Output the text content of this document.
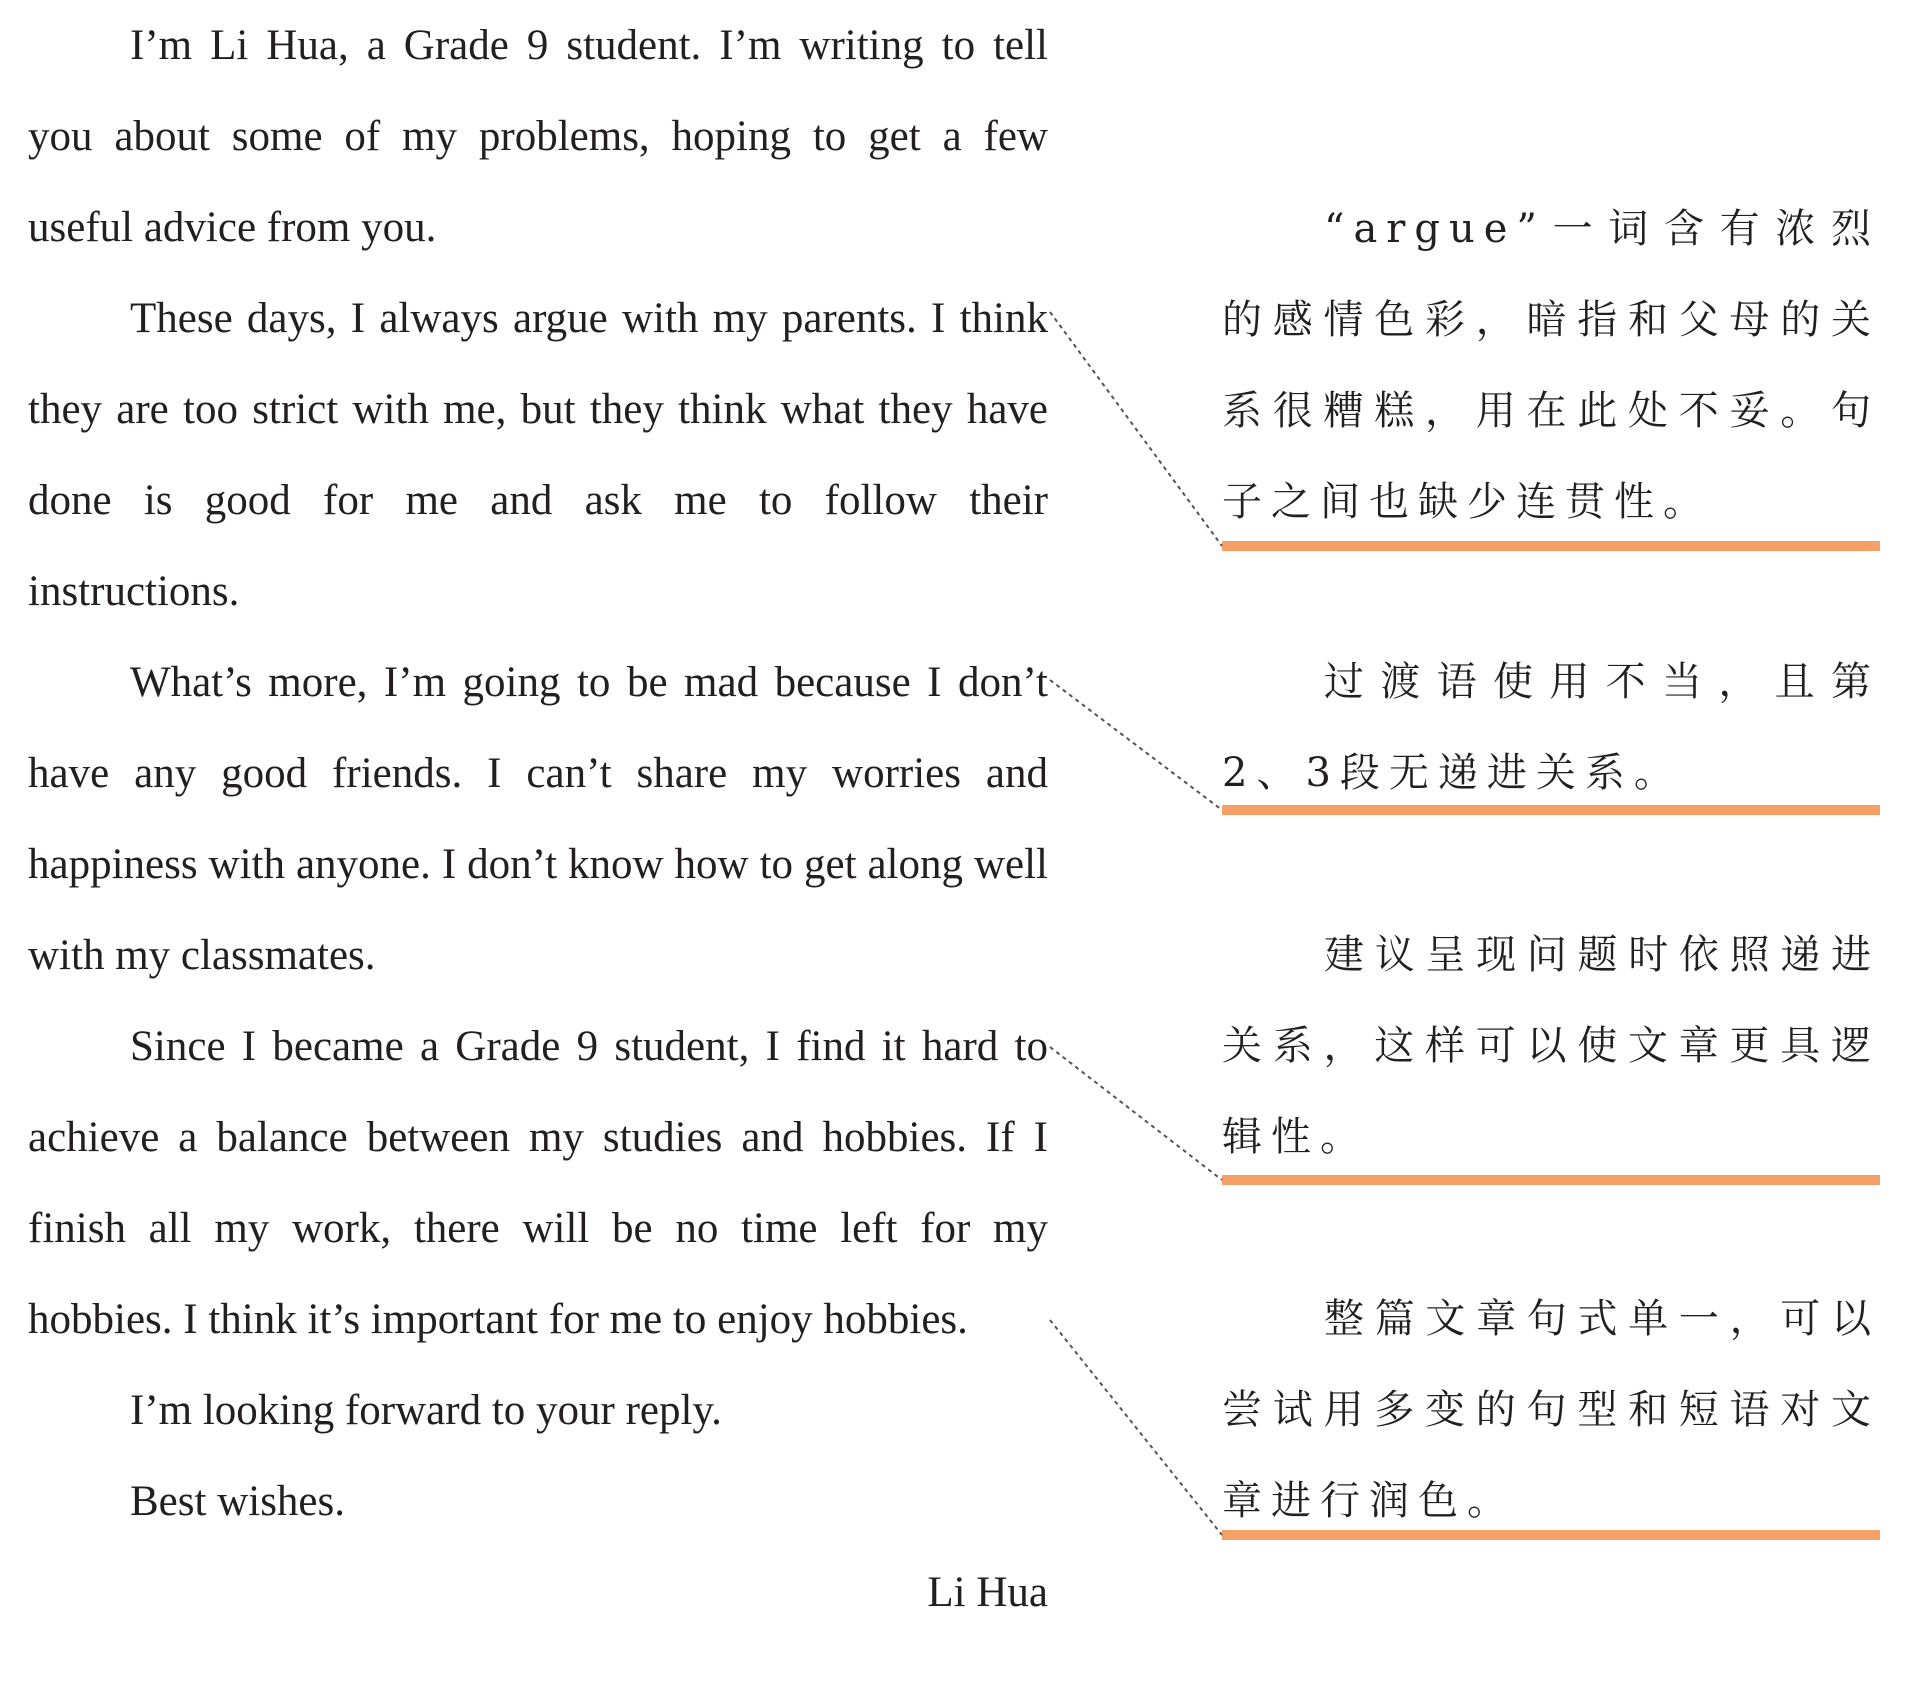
I’m Li Hua, a Grade 9 student. I’m writing to tell you about some of my problems, hoping to get a few useful advice from you.

These days, I always argue with my parents. I think they are too strict with me, but they think what they have done is good for me and ask me to follow their instructions.

What’s more, I’m going to be mad because I don’t have any good friends. I can’t share my worries and happiness with anyone. I don’t know how to get along well with my classmates.

Since I became a Grade 9 student, I find it hard to achieve a balance between my studies and hobbies. If I finish all my work, there will be no time left for my hobbies. I think it’s important for me to enjoy hobbies.

I’m looking forward to your reply.

Best wishes.

Li Hua

“argue”一词含有浓烈的感情色彩，暗指和父母的关系很糟糕，用在此处不妥。句子之间也缺少连贯性。
过渡语使用不当，且第2、3段无递进关系。
建议呈现问题时依照递进关系，这样可以使文章更具逻辑性。
整篇文章句式单一，可以尝试用多变的句型和短语对文章进行润色。
